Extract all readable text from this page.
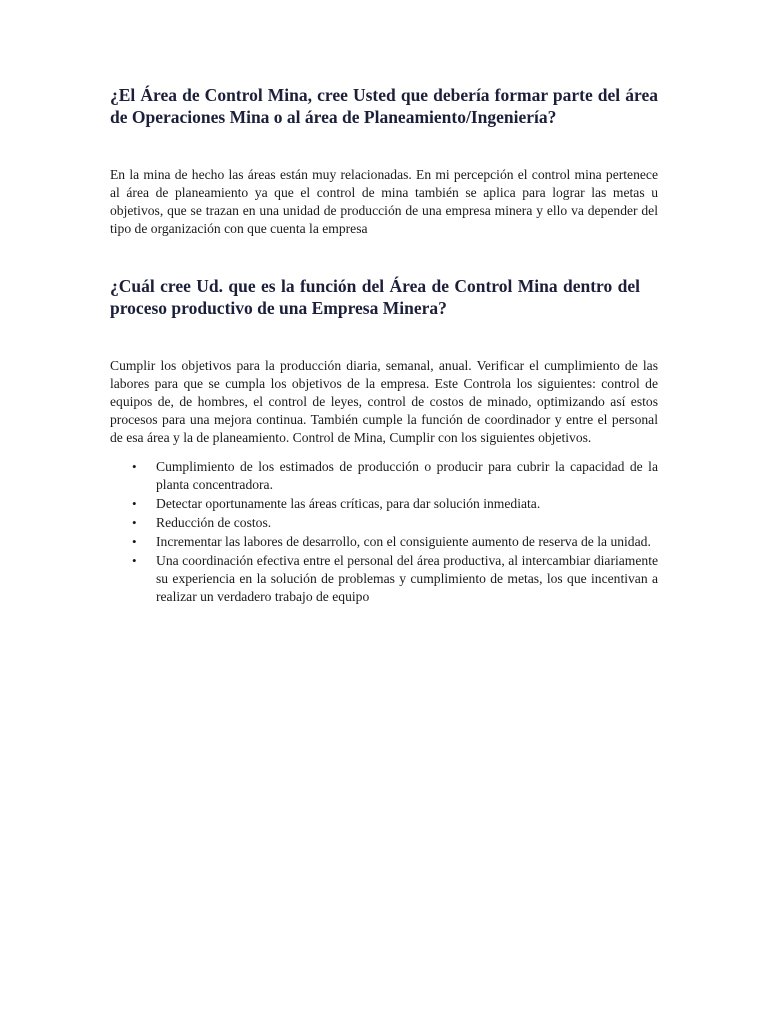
¿El Área de Control Mina, cree Usted que debería formar parte del área de Operaciones Mina o al área de Planeamiento/Ingeniería?

En la mina de hecho las áreas están muy relacionadas. En mi percepción el control mina pertenece al área de planeamiento ya que el control de mina también se aplica para lograr las metas u objetivos, que se trazan en una unidad de producción de una empresa minera y ello va depender del tipo de organización con que cuenta la empresa

¿Cuál cree Ud. que es la función del Área de Control Mina dentro del proceso productivo de una Empresa Minera?

Cumplir los objetivos para la producción diaria, semanal, anual. Verificar el cumplimiento de las labores para que se cumpla los objetivos de la empresa. Este Controla los siguientes: control de equipos de, de hombres, el control de leyes, control de costos de minado, optimizando así estos procesos para una mejora continua. También cumple la función de coordinador y entre el personal de esa área y la de planeamiento. Control de Mina, Cumplir con los siguientes objetivos.

• Cumplimiento de los estimados de producción o producir para cubrir la capacidad de la planta concentradora.
• Detectar oportunamente las áreas críticas, para dar solución inmediata.
• Reducción de costos.
• Incrementar las labores de desarrollo, con el consiguiente aumento de reserva de la unidad.
• Una coordinación efectiva entre el personal del área productiva, al intercambiar diariamente su experiencia en la solución de problemas y cumplimiento de metas, los que incentivan a realizar un verdadero trabajo de equipo
